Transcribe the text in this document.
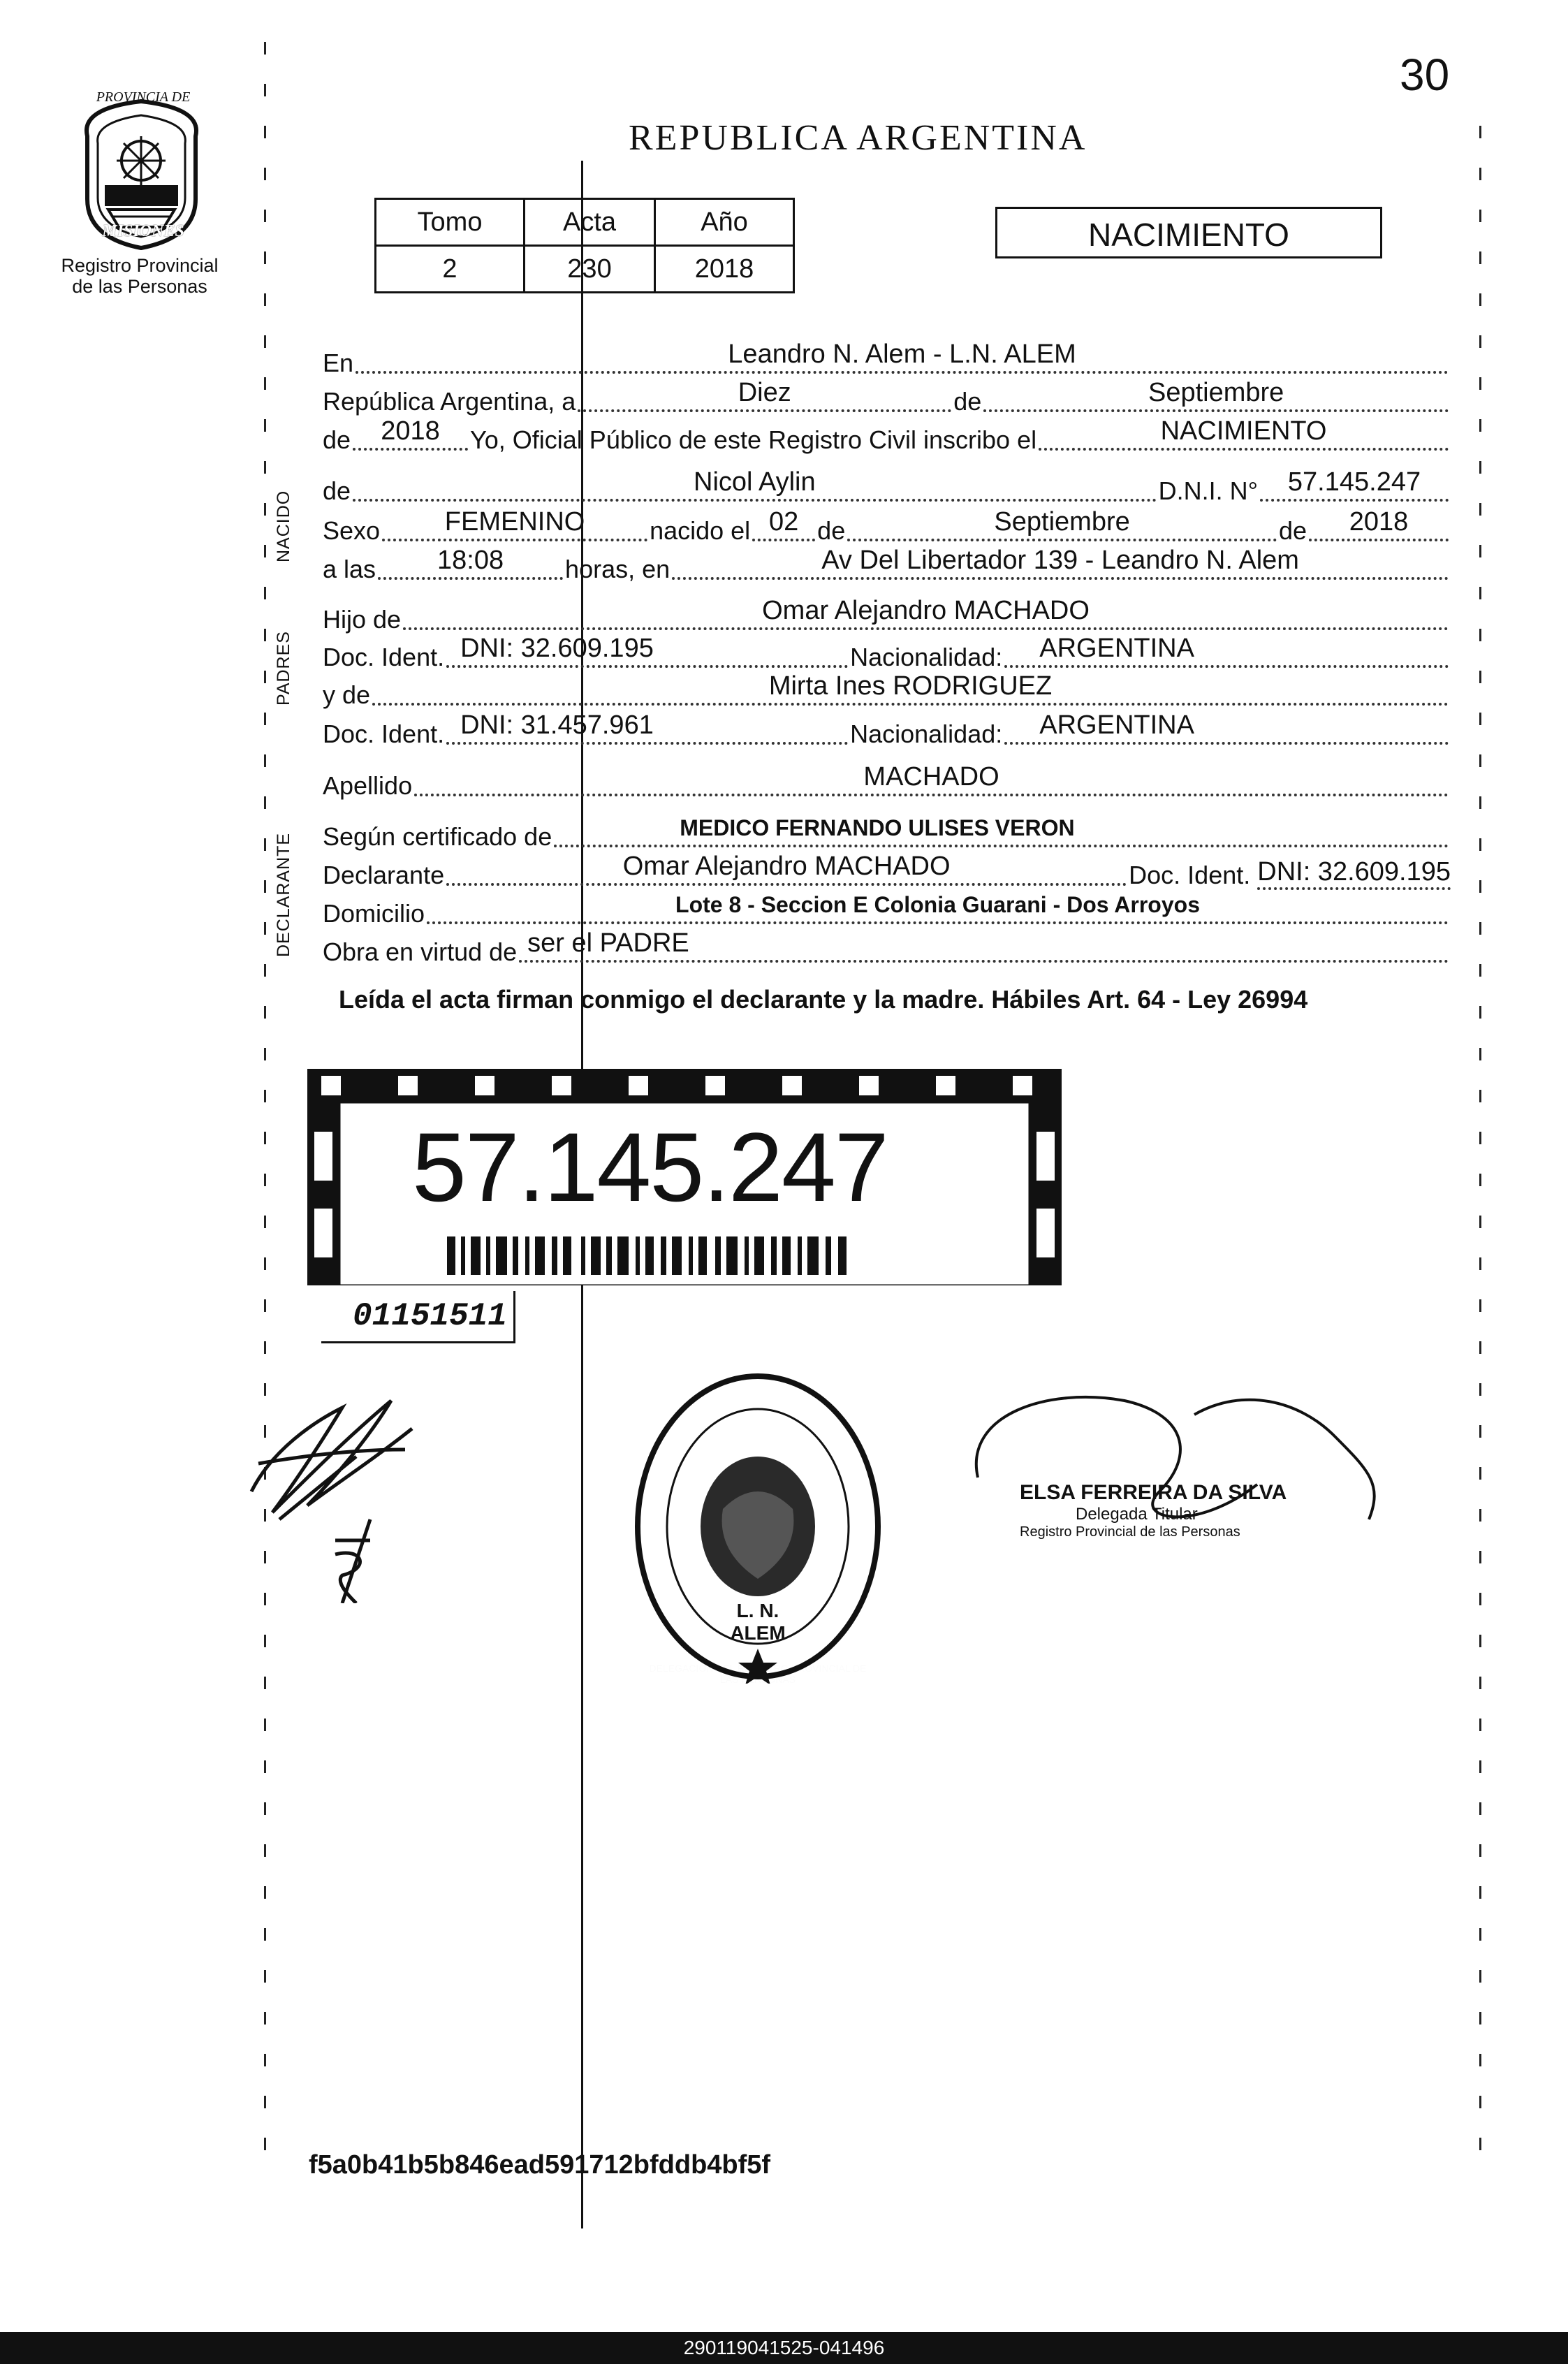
30
PROVINCIA DE
MISIONES
Registro Provincial
de las Personas
REPUBLICA ARGENTINA
Tomo	Acta	Año
2	230	2018
NACIMIENTO
En	Leandro N. Alem - L.N. ALEM
República Argentina, a	Diez	de	Septiembre
de	2018	Yo, Oficial Público de este Registro Civil inscribo el	NACIMIENTO
de	Nicol Aylin	D.N.I. N°	57.145.247
Sexo	FEMENINO	nacido el 02 de	Septiembre	de	2018
a las	18:08	horas, en	Av Del Libertador 139 - Leandro N. Alem
Hijo de	Omar Alejandro MACHADO
Doc. Ident. DNI: 32.609.195	Nacionalidad:	ARGENTINA
y de	Mirta Ines RODRIGUEZ
Doc. Ident. DNI: 31.457.961	Nacionalidad:	ARGENTINA
Apellido	MACHADO
Según certificado de	MEDICO FERNANDO ULISES VERON
Declarante	Omar Alejandro MACHADO	Doc. Ident. DNI: 32.609.195
Domicilio	Lote 8 - Seccion E Colonia Guarani - Dos Arroyos
Obra en virtud de ser el PADRE
NACIDO
PADRES
DECLARANTE
Leída el acta firman conmigo el declarante y la madre. Hábiles Art. 64 - Ley 26994
57.145.247
01151511
L. N. ALEM
ELSA FERREIRA DA SILVA
Delegada Titular
Registro Provincial de las Personas
f5a0b41b5b846ead591712bfddb4bf5f
290119041525-041496
